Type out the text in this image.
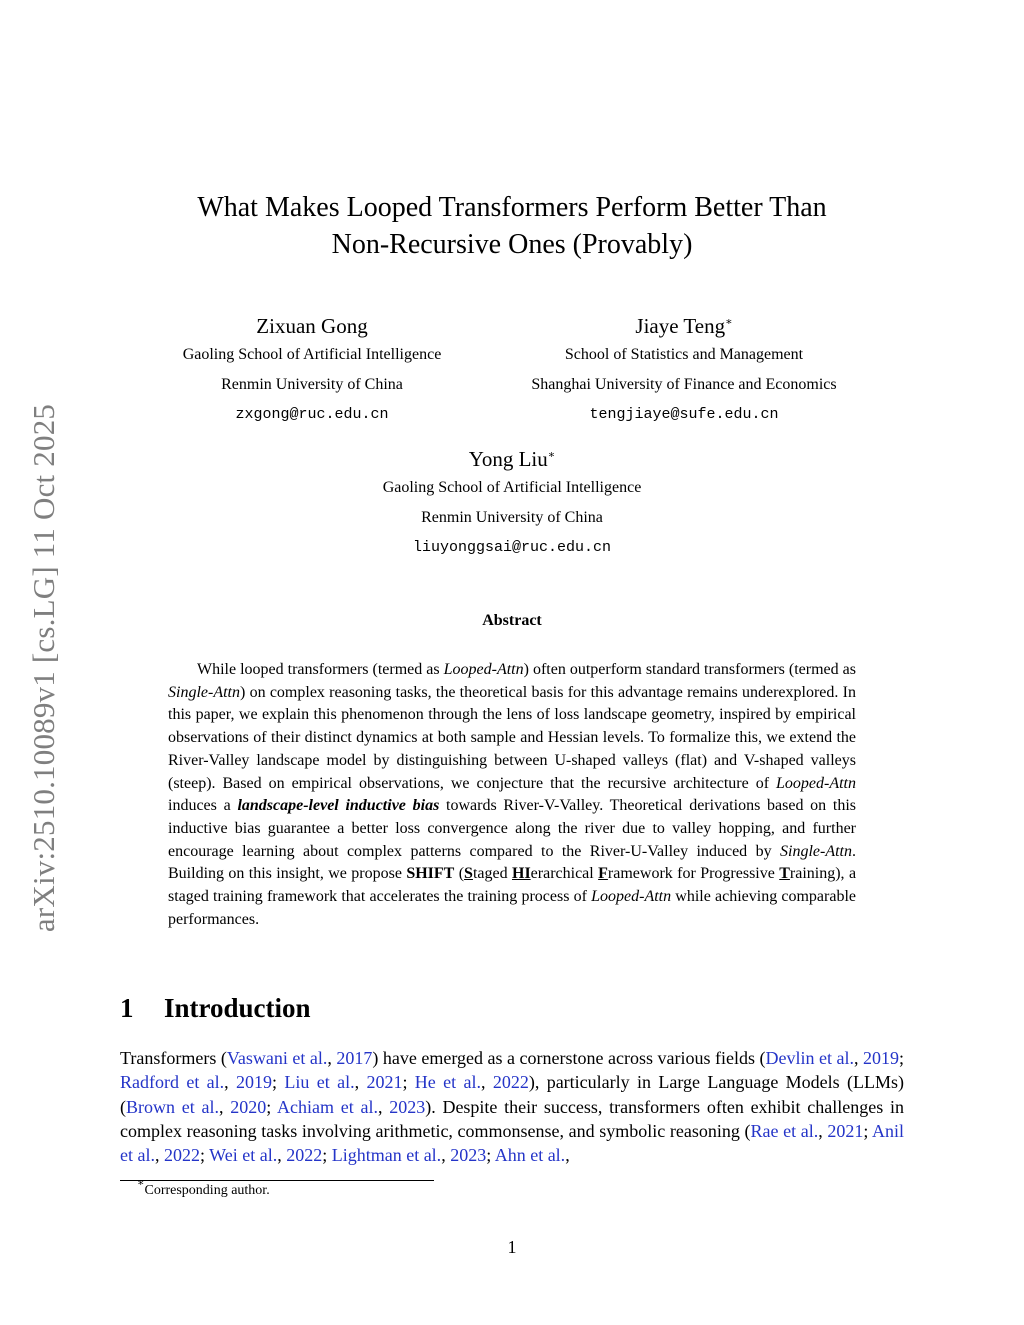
arXiv:2510.10089v1 [cs.LG] 11 Oct 2025
What Makes Looped Transformers Perform Better Than
Non-Recursive Ones (Provably)
Zixuan Gong
Gaoling School of Artificial Intelligence
Renmin University of China
zxgong@ruc.edu.cn
Jiaye Teng∗
School of Statistics and Management
Shanghai University of Finance and Economics
tengjiaye@sufe.edu.cn
Yong Liu∗
Gaoling School of Artificial Intelligence
Renmin University of China
liuyonggsai@ruc.edu.cn
Abstract

While looped transformers (termed as Looped-Attn) often outperform standard transformers (termed as Single-Attn) on complex reasoning tasks, the theoretical basis for this advantage remains underexplored. In this paper, we explain this phenomenon through the lens of loss landscape geometry, inspired by empirical observations of their distinct dynamics at both sample and Hessian levels. To formalize this, we extend the River-Valley landscape model by distinguishing between U-shaped valleys (flat) and V-shaped valleys (steep). Based on empirical observations, we conjecture that the recursive architecture of Looped-Attn induces a landscape-level inductive bias towards River-V-Valley. Theoretical derivations based on this inductive bias guarantee a better loss convergence along the river due to valley hopping, and further encourage learning about complex patterns compared to the River-U-Valley induced by Single-Attn. Building on this insight, we propose SHIFT (Staged HIerarchical Framework for Progressive Training), a staged training framework that accelerates the training process of Looped-Attn while achieving comparable performances.

1 Introduction

Transformers (Vaswani et al., 2017) have emerged as a cornerstone across various fields (Devlin et al., 2019; Radford et al., 2019; Liu et al., 2021; He et al., 2022), particularly in Large Language Models (LLMs) (Brown et al., 2020; Achiam et al., 2023). Despite their success, transformers often exhibit challenges in complex reasoning tasks involving arithmetic, commonsense, and symbolic reasoning (Rae et al., 2021; Anil et al., 2022; Wei et al., 2022; Lightman et al., 2023; Ahn et al.,

∗Corresponding author.
1
